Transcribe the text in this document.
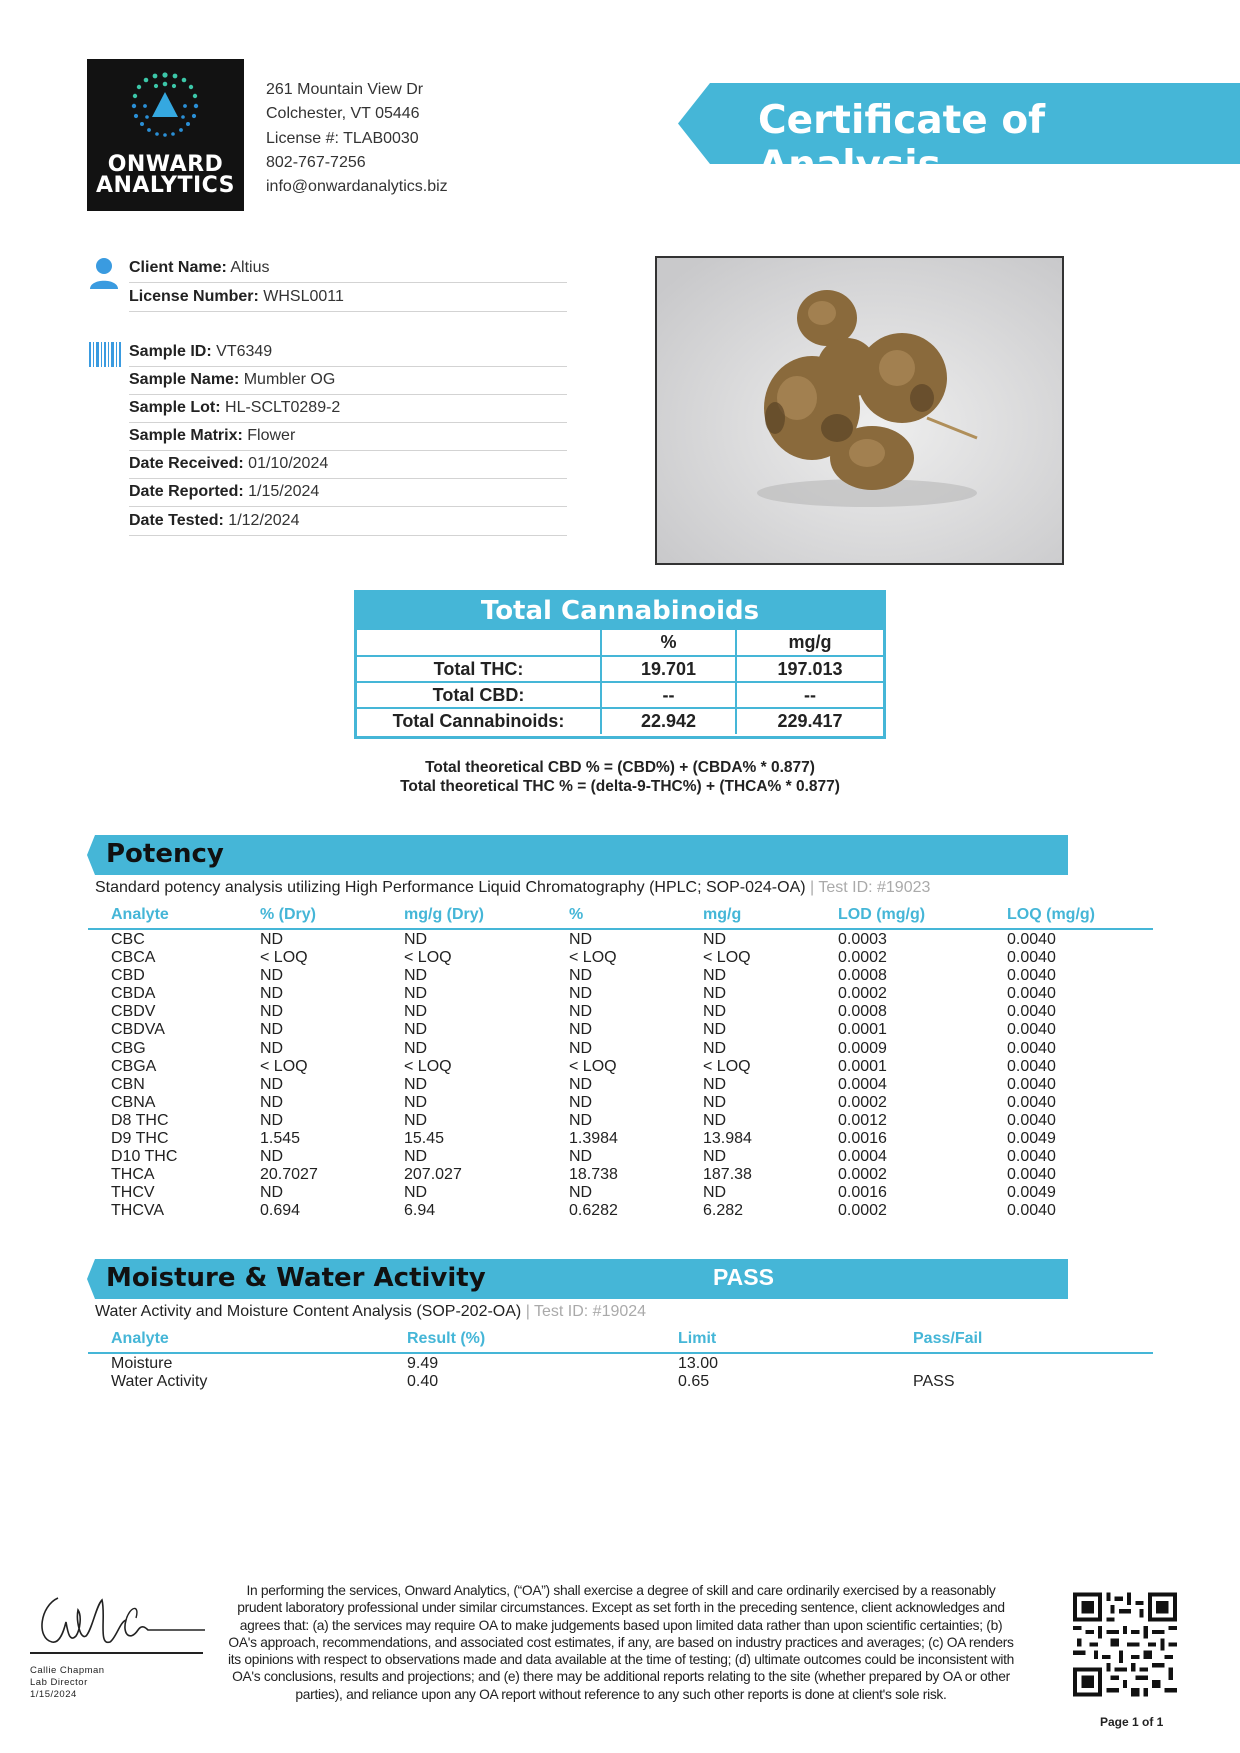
ONWARD
ANALYTICS
261 Mountain View Dr
Colchester, VT 05446
License #: TLAB0030
802-767-7256
info@onwardanalytics.biz
Certificate of Analysis
Client Name: Altius
License Number: WHSL0011
Sample ID: VT6349
Sample Name: Mumbler OG
Sample Lot: HL-SCLT0289-2
Sample Matrix: Flower
Date Received: 01/10/2024
Date Reported: 1/15/2024
Date Tested: 1/12/2024
Total Cannabinoids
	%	mg/g
Total THC:	19.701	197.013
Total CBD:	--	--
Total Cannabinoids:	22.942	229.417
Total theoretical CBD % = (CBD%) + (CBDA% * 0.877)
Total theoretical THC % = (delta-9-THC%) + (THCA% * 0.877)
Potency
Standard potency analysis utilizing High Performance Liquid Chromatography (HPLC; SOP-024-OA) | Test ID: #19023
Analyte	% (Dry)	mg/g (Dry)	%	mg/g	LOD (mg/g)	LOQ (mg/g)
CBC	ND	ND	ND	ND	0.0003	0.0040
CBCA	< LOQ	< LOQ	< LOQ	< LOQ	0.0002	0.0040
CBD	ND	ND	ND	ND	0.0008	0.0040
CBDA	ND	ND	ND	ND	0.0002	0.0040
CBDV	ND	ND	ND	ND	0.0008	0.0040
CBDVA	ND	ND	ND	ND	0.0001	0.0040
CBG	ND	ND	ND	ND	0.0009	0.0040
CBGA	< LOQ	< LOQ	< LOQ	< LOQ	0.0001	0.0040
CBN	ND	ND	ND	ND	0.0004	0.0040
CBNA	ND	ND	ND	ND	0.0002	0.0040
D8 THC	ND	ND	ND	ND	0.0012	0.0040
D9 THC	1.545	15.45	1.3984	13.984	0.0016	0.0049
D10 THC	ND	ND	ND	ND	0.0004	0.0040
THCA	20.7027	207.027	18.738	187.38	0.0002	0.0040
THCV	ND	ND	ND	ND	0.0016	0.0049
THCVA	0.694	6.94	0.6282	6.282	0.0002	0.0040
Moisture & Water Activity	PASS
Water Activity and Moisture Content Analysis (SOP-202-OA) | Test ID: #19024
Analyte	Result (%)	Limit	Pass/Fail
Moisture	9.49	13.00
Water Activity	0.40	0.65	PASS
Callie Chapman
Lab Director
1/15/2024
In performing the services, Onward Analytics, (“OA”) shall exercise a degree of skill and care ordinarily exercised by a reasonably prudent laboratory professional under similar circumstances. Except as set forth in the preceding sentence, client acknowledges and agrees that: (a) the services may require OA to make judgements based upon limited data rather than upon scientific certainties; (b) OA's approach, recommendations, and associated cost estimates, if any, are based on industry practices and averages; (c) OA renders its opinions with respect to observations made and data available at the time of testing; (d) ultimate outcomes could be inconsistent with OA's conclusions, results and projections; and (e) there may be additional reports relating to the site (whether prepared by OA or other parties), and reliance upon any OA report without reference to any such other reports is done at client's sole risk.
Page 1 of 1
